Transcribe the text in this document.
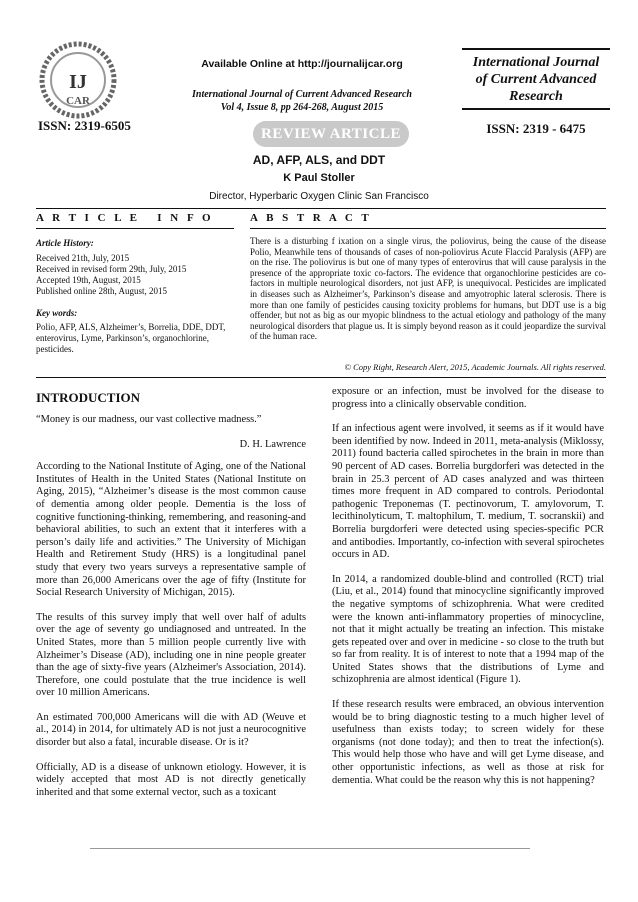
IJ
CAR
ISSN: 2319-6505
Available Online at http://journalijcar.org
International Journal of Current Advanced Research
Vol 4, Issue 8, pp 264-268, August 2015
REVIEW ARTICLE
International Journal
of Current Advanced
Research
ISSN: 2319 - 6475
AD, AFP, ALS, and DDT
K Paul Stoller
Director, Hyperbaric Oxygen Clinic San Francisco
A R T I C L E   I N F O	A B S T R A C T
Article History:
Received 21th, July, 2015
Received in revised form 29th, July, 2015
Accepted 19th, August, 2015
Published online 28th, August, 2015
Key words:
Polio, AFP, ALS, Alzheimer’s, Borrelia, DDE, DDT, enterovirus, Lyme, Parkinson’s, organochlorine, pesticides.
There is a disturbing f ixation on a single virus, the poliovirus, being the cause of the disease Polio, Meanwhile tens of thousands of cases of non-poliovirus Acute Flaccid Paralysis (AFP) are on the rise. The poliovirus is but one of many types of enterovirus that will cause paralysis in the presence of the appropriate toxic co-factors. The evidence that organochlorine pesticides are co-factors in multiple neurological disorders, not just AFP, is unequivocal. Pesticides are implicated in diseases such as Alzheimer’s, Parkinson’s disease and amyotrophic lateral sclerosis. There is more than one family of pesticides causing toxicity problems for humans, but DDT use is a big offender, but not as big as our myopic blindness to the actual etiology and pathology of the many neurological disorders that plague us. It is simply beyond reason as it could jeopardize the survival of the human race.
© Copy Right, Research Alert, 2015, Academic Journals. All rights reserved.
INTRODUCTION

“Money is our madness, our vast collective madness.”

D. H. Lawrence

According to the National Institute of Aging, one of the National Institutes of Health in the United States (National Institute on Aging, 2015), “Alzheimer’s disease is the most common cause of dementia among older people. Dementia is the loss of cognitive functioning-thinking, remembering, and reasoning-and behavioral abilities, to such an extent that it interferes with a person’s daily life and activities.” The University of Michigan Health and Retirement Study (HRS) is a longitudinal panel study that every two years surveys a representative sample of more than 26,000 Americans over the age of fifty (Institute for Social Research University of Michigan, 2015).

The results of this survey imply that well over half of adults over the age of seventy go undiagnosed and untreated. In the United States, more than 5 million people currently live with Alzheimer’s Disease (AD), including one in nine people greater than the age of sixty-five years (Alzheimer's Association, 2014). Therefore, one could postulate that the true incidence is well over 10 million Americans.

An estimated 700,000 Americans will die with AD (Weuve et al., 2014) in 2014, for ultimately AD is not just a neurocognitive disorder but also a fatal, incurable disease. Or is it?

Officially, AD is a disease of unknown etiology. However, it is widely accepted that most AD is not directly genetically inherited and that some external vector, such as a toxicant

exposure or an infection, must be involved for the disease to progress into a clinically observable condition.

If an infectious agent were involved, it seems as if it would have been identified by now. Indeed in 2011, meta-analysis (Miklossy, 2011) found bacteria called spirochetes in the brain in more than 90 percent of AD cases. Borrelia burgdorferi was detected in the brain in 25.3 percent of AD cases analyzed and was thirteen times more frequent in AD compared to controls. Periodontal pathogenic Treponemas (T. pectinovorum, T. amylovorum, T. lecithinolyticum, T. maltophilum, T. medium, T. socranskii) and Borrelia burgdorferi were detected using species-specific PCR and antibodies. Importantly, co-infection with several spirochetes occurs in AD.

In 2014, a randomized double-blind and controlled (RCT) trial (Liu, et al., 2014) found that minocycline significantly improved the negative symptoms of schizophrenia. What were credited were the known anti-inflammatory properties of minocycline, not that it might actually be treating an infection. This mistake gets repeated over and over in medicine - so close to the truth but so far from reality. It is of interest to note that a 1994 map of the United States shows that the distributions of Lyme and schizophrenia are almost identical (Figure 1).

If these research results were embraced, an obvious intervention would be to bring diagnostic testing to a much higher level of usefulness than exists today; to screen widely for these organisms (not done today); and then to treat the infection(s). This would help those who have and will get Lyme disease, and other opportunistic infections, as well as those at risk for dementia. What could be the reason why this is not happening?
